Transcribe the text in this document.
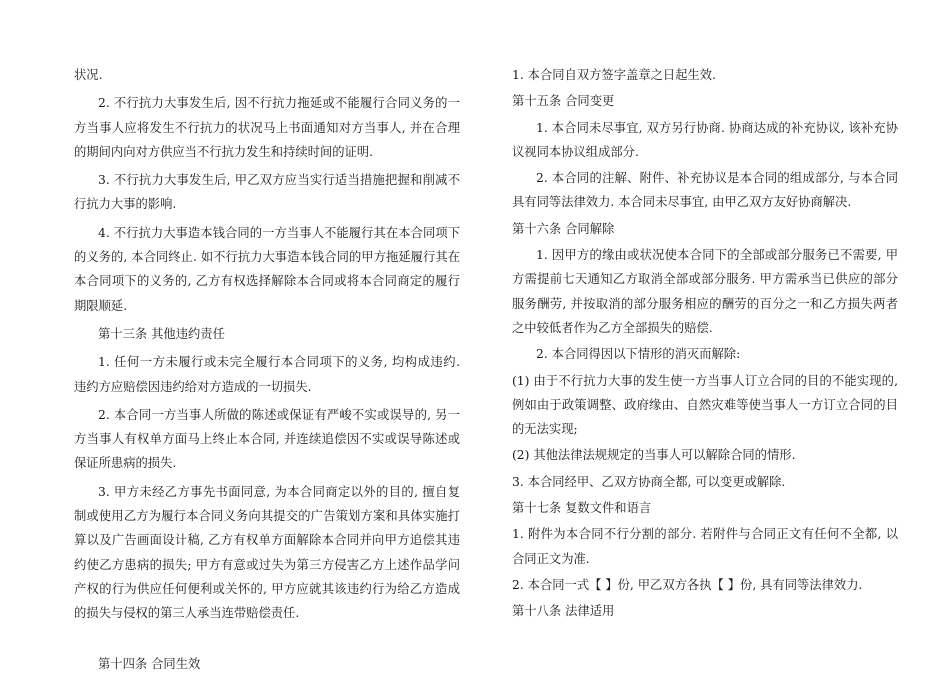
状况.

2. 不行抗力大事发生后, 因不行抗力拖延或不能履行合同义务的一方当事人应将发生不行抗力的状况马上书面通知对方当事人, 并在合理的期间内向对方供应当不行抗力发生和持续时间的证明.

3. 不行抗力大事发生后, 甲乙双方应当实行适当措施把握和削减不行抗力大事的影响.

4. 不行抗力大事造本钱合同的一方当事人不能履行其在本合同项下的义务的, 本合同终止. 如不行抗力大事造本钱合同的甲方拖延履行其在本合同项下的义务的, 乙方有权选择解除本合同或将本合同商定的履行期限顺延.

第十三条 其他违约责任

1. 任何一方未履行或未完全履行本合同项下的义务, 均构成违约. 违约方应赔偿因违约给对方造成的一切损失.

2. 本合同一方当事人所做的陈述或保证有严峻不实或误导的, 另一方当事人有权单方面马上终止本合同, 并连续追偿因不实或误导陈述或保证所患病的损失.

3. 甲方未经乙方事先书面同意, 为本合同商定以外的目的, 擅自复制或使用乙方为履行本合同义务向其提交的广告策划方案和具体实施打算以及广告画面设计稿, 乙方有权单方面解除本合同并向甲方追偿其违约使乙方患病的损失; 甲方有意或过失为第三方侵害乙方上述作品学问产权的行为供应任何便利或关怀的, 甲方应就其该违约行为给乙方造成的损失与侵权的第三人承当连带赔偿责任.

第十四条 合同生效

1. 本合同自双方签字盖章之日起生效.

第十五条 合同变更

1. 本合同未尽事宜, 双方另行协商. 协商达成的补充协议, 该补充协议视同本协议组成部分.

2. 本合同的注解、附件、补充协议是本合同的组成部分, 与本合同具有同等法律效力. 本合同未尽事宜, 由甲乙双方友好协商解决.

第十六条 合同解除

1. 因甲方的缘由或状况使本合同下的全部或部分服务已不需要, 甲方需提前七天通知乙方取消全部或部分服务. 甲方需承当已供应的部分服务酬劳, 并按取消的部分服务相应的酬劳的百分之一和乙方损失两者之中较低者作为乙方全部损失的赔偿.

2. 本合同得因以下情形的消灭而解除:

(1) 由于不行抗力大事的发生使一方当事人订立合同的目的不能实现的, 例如由于政策调整、政府缘由、自然灾难等使当事人一方订立合同的目的无法实现;

(2) 其他法律法规规定的当事人可以解除合同的情形.

3. 本合同经甲、乙双方协商全都, 可以变更或解除.

第十七条 复数文件和语言

1. 附件为本合同不行分割的部分. 若附件与合同正文有任何不全都, 以合同正文为准.

2. 本合同一式【 】份, 甲乙双方各执【 】份, 具有同等法律效力.

第十八条 法律适用
